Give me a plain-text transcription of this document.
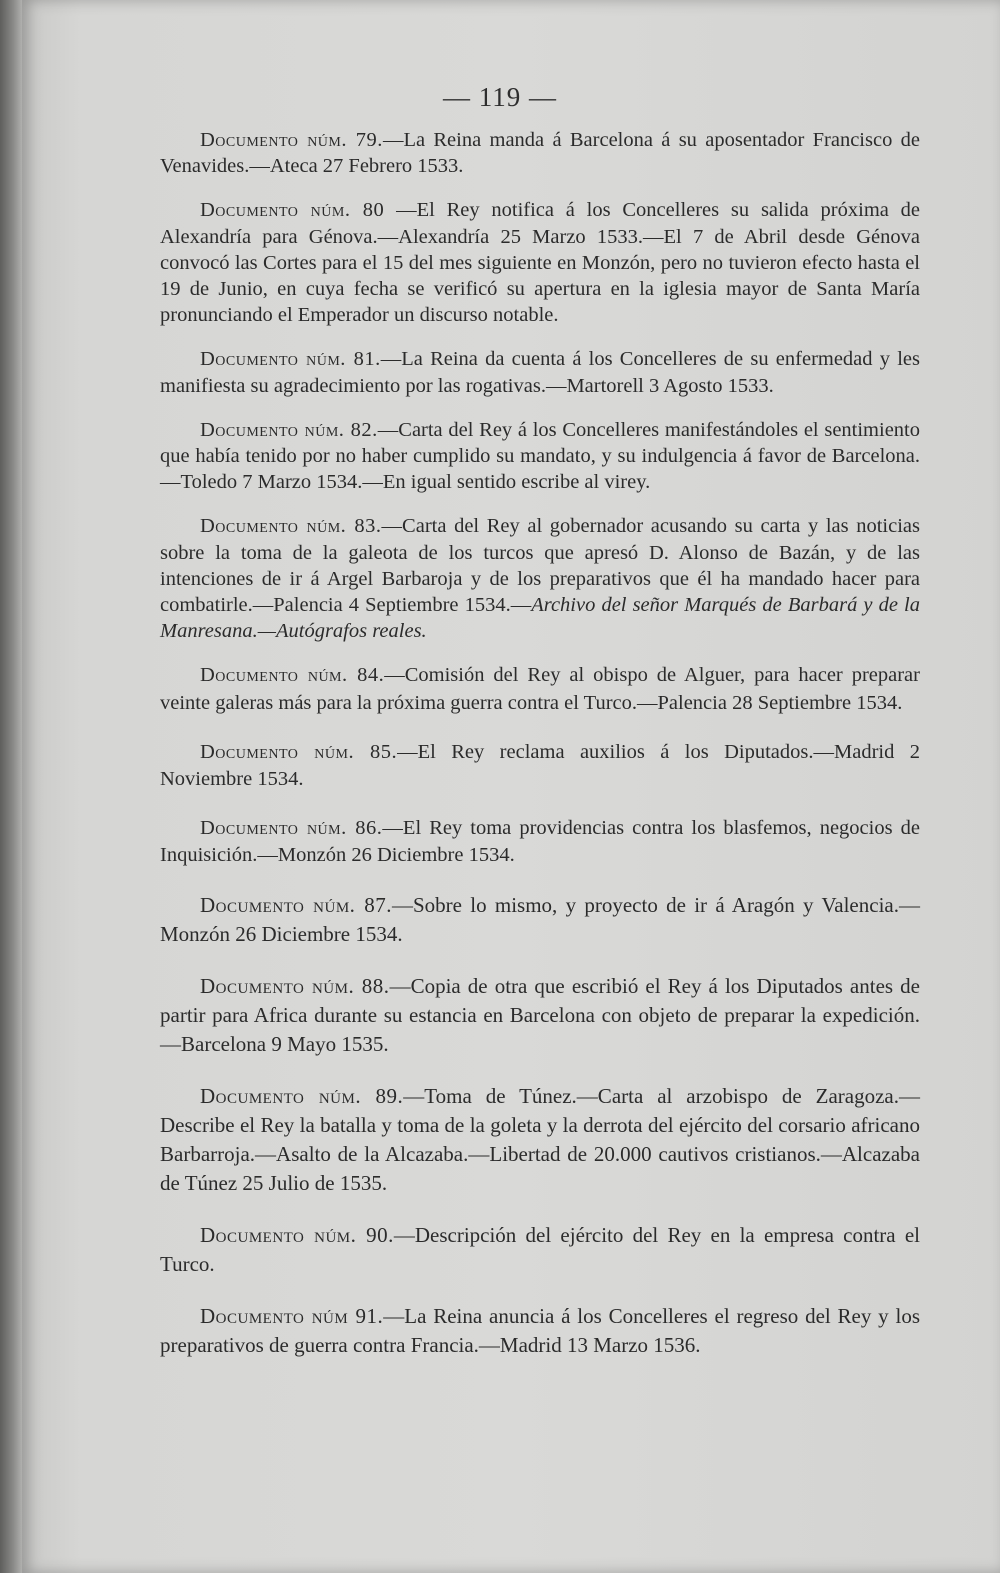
— 119 —

Documento núm. 79.—La Reina manda á Barcelona á su aposentador Francisco de Venavides.—Ateca 27 Febrero 1533.

Documento núm. 80 —El Rey notifica á los Concelleres su salida próxima de Alexandría para Génova.—Alexandría 25 Marzo 1533.—El 7 de Abril desde Génova convocó las Cortes para el 15 del mes siguiente en Monzón, pero no tuvieron efecto hasta el 19 de Junio, en cuya fecha se verificó su apertura en la iglesia mayor de Santa María pronunciando el Emperador un discurso notable.

Documento núm. 81.—La Reina da cuenta á los Concelleres de su enfermedad y les manifiesta su agradecimiento por las rogativas.—Martorell 3 Agosto 1533.

Documento núm. 82.—Carta del Rey á los Concelleres manifestándoles el sentimiento que había tenido por no haber cumplido su mandato, y su indulgencia á favor de Barcelona.—Toledo 7 Marzo 1534.—En igual sentido escribe al virey.

Documento núm. 83.—Carta del Rey al gobernador acusando su carta y las noticias sobre la toma de la galeota de los turcos que apresó D. Alonso de Bazán, y de las intenciones de ir á Argel Barbaroja y de los preparativos que él ha mandado hacer para combatirle.—Palencia 4 Septiembre 1534.—Archivo del señor Marqués de Barbará y de la Manresana.—Autógrafos reales.

Documento núm. 84.—Comisión del Rey al obispo de Alguer, para hacer preparar veinte galeras más para la próxima guerra contra el Turco.—Palencia 28 Septiembre 1534.

Documento núm. 85.—El Rey reclama auxilios á los Diputados.—Madrid 2 Noviembre 1534.

Documento núm. 86.—El Rey toma providencias contra los blasfemos, negocios de Inquisición.—Monzón 26 Diciembre 1534.

Documento núm. 87.—Sobre lo mismo, y proyecto de ir á Aragón y Valencia.—Monzón 26 Diciembre 1534.

Documento núm. 88.—Copia de otra que escribió el Rey á los Diputados antes de partir para Africa durante su estancia en Barcelona con objeto de preparar la expedición.—Barcelona 9 Mayo 1535.

Documento núm. 89.—Toma de Túnez.—Carta al arzobispo de Zaragoza.—Describe el Rey la batalla y toma de la goleta y la derrota del ejército del corsario africano Barbarroja.—Asalto de la Alcazaba.—Libertad de 20.000 cautivos cristianos.—Alcazaba de Túnez 25 Julio de 1535.

Documento núm. 90.—Descripción del ejército del Rey en la empresa contra el Turco.

Documento núm 91.—La Reina anuncia á los Concelleres el regreso del Rey y los preparativos de guerra contra Francia.—Madrid 13 Marzo 1536.
